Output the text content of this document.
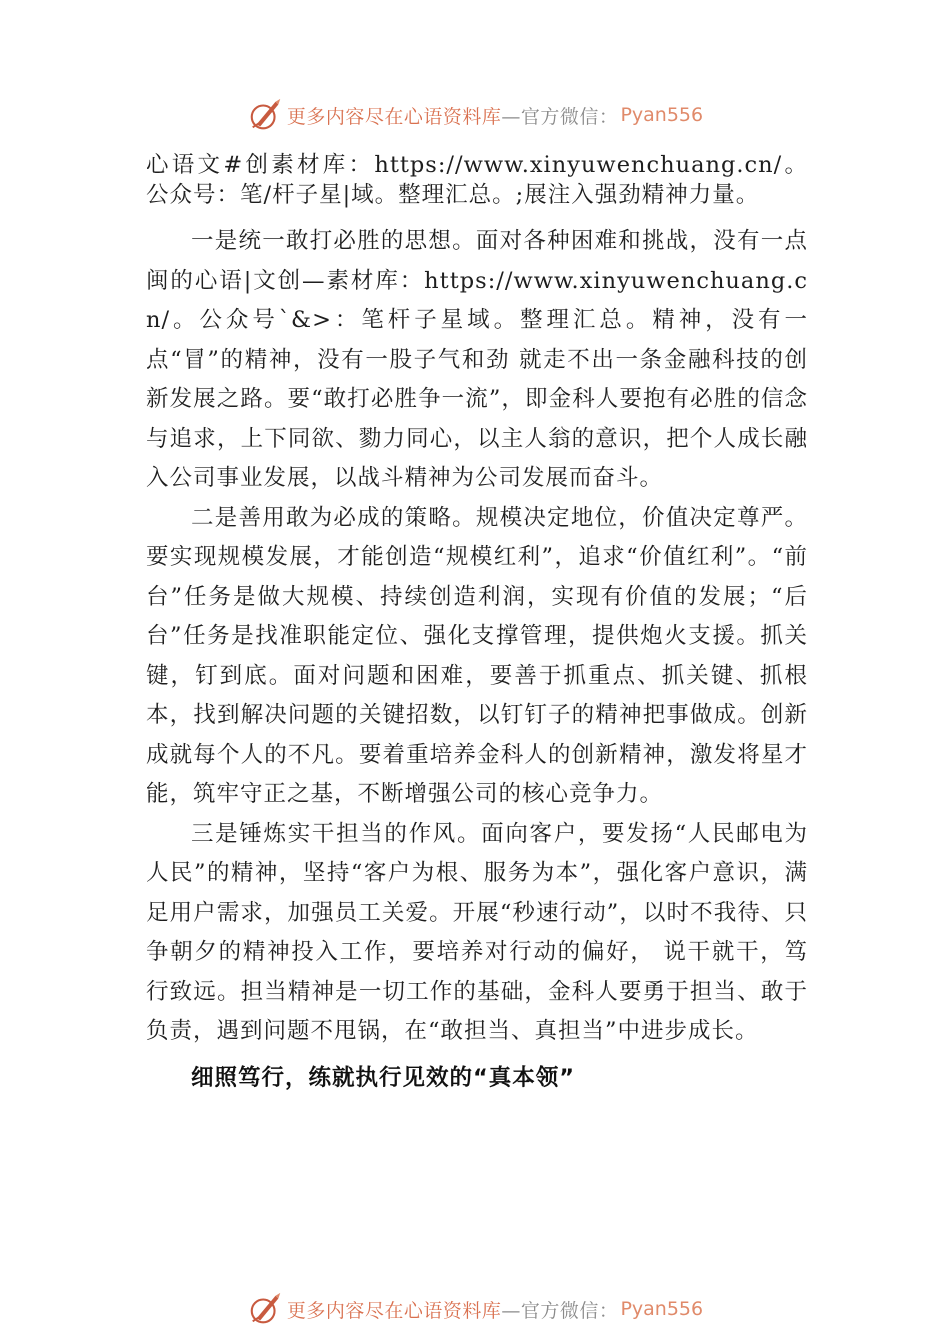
更多内容尽在心语资料库 —官方微信： Pyan556

心语文#创素材库：https://www.xinyuwenchuang.cn/。公众号：笔/杆子星|域。整理汇总。;展注入强劲精神力量。

一是统一敢打必胜的思想。面对各种困难和挑战，没有一点闽的心语|文创—素材库：https://www.xinyuwenchuang.cn/。公众号`&>：笔杆子星域。整理汇总。精神，没有一点“冒”的精神，没有一股子气和劲 就走不出一条金融科技的创新发展之路。要“敢打必胜争一流”，即金科人要抱有必胜的信念与追求，上下同欲、勠力同心，以主人翁的意识，把个人成长融入公司事业发展，以战斗精神为公司发展而奋斗。

二是善用敢为必成的策略。规模决定地位，价值决定尊严。要实现规模发展，才能创造“规模红利”，追求“价值红利”。“前台”任务是做大规模、持续创造利润，实现有价值的发展；“后台”任务是找准职能定位、强化支撑管理，提供炮火支援。抓关键，钉到底。面对问题和困难，要善于抓重点、抓关键、抓根本，找到解决问题的关键招数，以钉钉子的精神把事做成。创新成就每个人的不凡。要着重培养金科人的创新精神，激发将星才能，筑牢守正之基，不断增强公司的核心竞争力。

三是锤炼实干担当的作风。面向客户，要发扬“人民邮电为人民”的精神，坚持“客户为根、服务为本”，强化客户意识，满足用户需求，加强员工关爱。开展“秒速行动”，以时不我待、只争朝夕的精神投入工作，要培养对行动的偏好， 说干就干，笃行致远。担当精神是一切工作的基础，金科人要勇于担当、敢于负责，遇到问题不甩锅，在“敢担当、真担当”中进步成长。

细照笃行，练就执行见效的“真本领”
更多内容尽在心语资料库 —官方微信： Pyan556
